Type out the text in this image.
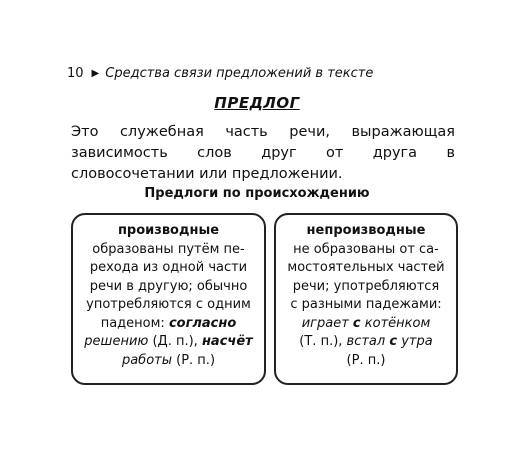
10 ▶ Средства связи предложений в тексте
ПРЕДЛОГ
Это служебная часть речи, выражающая зависимость слов друг от друга в словосочетании или предложении.
Предлоги по происхождению
производные
образованы путём пе-
рехода из одной части
речи в другую; обычно
употребляются с одним
паденом: согласно
решению (Д. п.), насчёт
работы (Р. п.)
непроизводные
не образованы от са-
мостоятельных частей
речи; употребляются
с разными падежами:
играет с котёнком
(Т. п.), встал с утра
(Р. п.)
